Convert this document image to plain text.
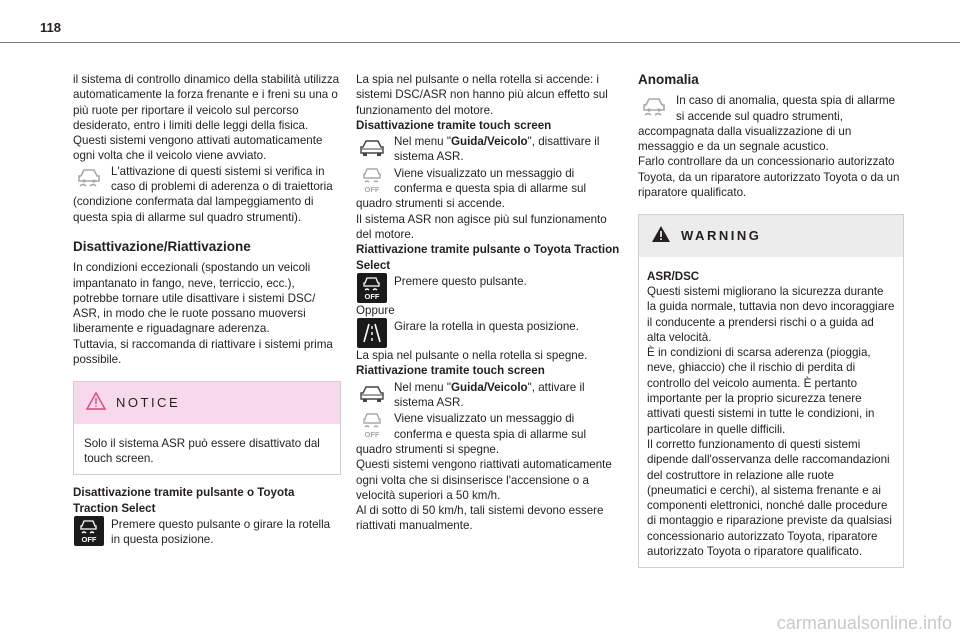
118

il sistema di controllo dinamico della stabilità utilizza automaticamente la forza frenante e i freni su una o più ruote per riportare il veicolo sul percorso desiderato, entro i limiti delle leggi della fisica.

Questi sistemi vengono attivati automaticamente ogni volta che il veicolo viene avviato.

L'attivazione di questi sistemi si verifica in caso di problemi di aderenza o di traiettoria (condizione confermata dal lampeggiamento di questa spia di allarme sul quadro strumenti).

Disattivazione/Riattivazione

In condizioni eccezionali (spostando un veicoli impantanato in fango, neve, terriccio, ecc.), potrebbe tornare utile disattivare i sistemi DSC/ ASR, in modo che le ruote possano muoversi liberamente e riguadagnare aderenza.

Tuttavia, si raccomanda di riattivare i sistemi prima possibile.

NOTICE
Solo il sistema ASR può essere disattivato dal touch screen.

Disattivazione tramite pulsante o Toyota Traction Select

OFF
Premere questo pulsante o girare la rotella in questa posizione.

La spia nel pulsante o nella rotella si accende: i sistemi DSC/ASR non hanno più alcun effetto sul funzionamento del motore.

Disattivazione tramite touch screen

Nel menu "Guida/Veicolo", disattivare il sistema ASR.
OFF

Viene visualizzato un messaggio di conferma e questa spia di allarme sul quadro strumenti si accende.

Il sistema ASR non agisce più sul funzionamento del motore.

Riattivazione tramite pulsante o Toyota Traction Select

OFF
Premere questo pulsante.

Oppure

Girare la rotella in questa posizione.

La spia nel pulsante o nella rotella si spegne.

Riattivazione tramite touch screen

Nel menu "Guida/Veicolo", attivare il sistema ASR.
OFF

Viene visualizzato un messaggio di conferma e questa spia di allarme sul quadro strumenti si spegne.

Questi sistemi vengono riattivati automaticamente ogni volta che si disinserisce l'accensione o a velocità superiori a 50 km/h.

Al di sotto di 50 km/h, tali sistemi devono essere riattivati manualmente.

Anomalia

In caso di anomalia, questa spia di allarme si accende sul quadro strumenti, accompagnata dalla visualizzazione di un messaggio e da un segnale acustico.

Farlo controllare da un concessionario autorizzato Toyota, da un riparatore autorizzato Toyota o da un riparatore qualificato.

WARNING

ASR/DSC

Questi sistemi migliorano la sicurezza durante la guida normale, tuttavia non devo incoraggiare il conducente a prendersi rischi o a guida ad alta velocità.

È in condizioni di scarsa aderenza (pioggia, neve, ghiaccio) che il rischio di perdita di controllo del veicolo aumenta. È pertanto importante per la proprio sicurezza tenere attivati questi sistemi in tutte le condizioni, in particolare in quelle difficili.

Il corretto funzionamento di questi sistemi dipende dall'osservanza delle raccomandazioni del costruttore in relazione alle ruote (pneumatici e cerchi), al sistema frenante e ai componenti elettronici, nonché dalle procedure di montaggio e riparazione previste da qualsiasi concessionario autorizzato Toyota, riparatore autorizzato Toyota o riparatore qualificato.

carmanualsonline.info
